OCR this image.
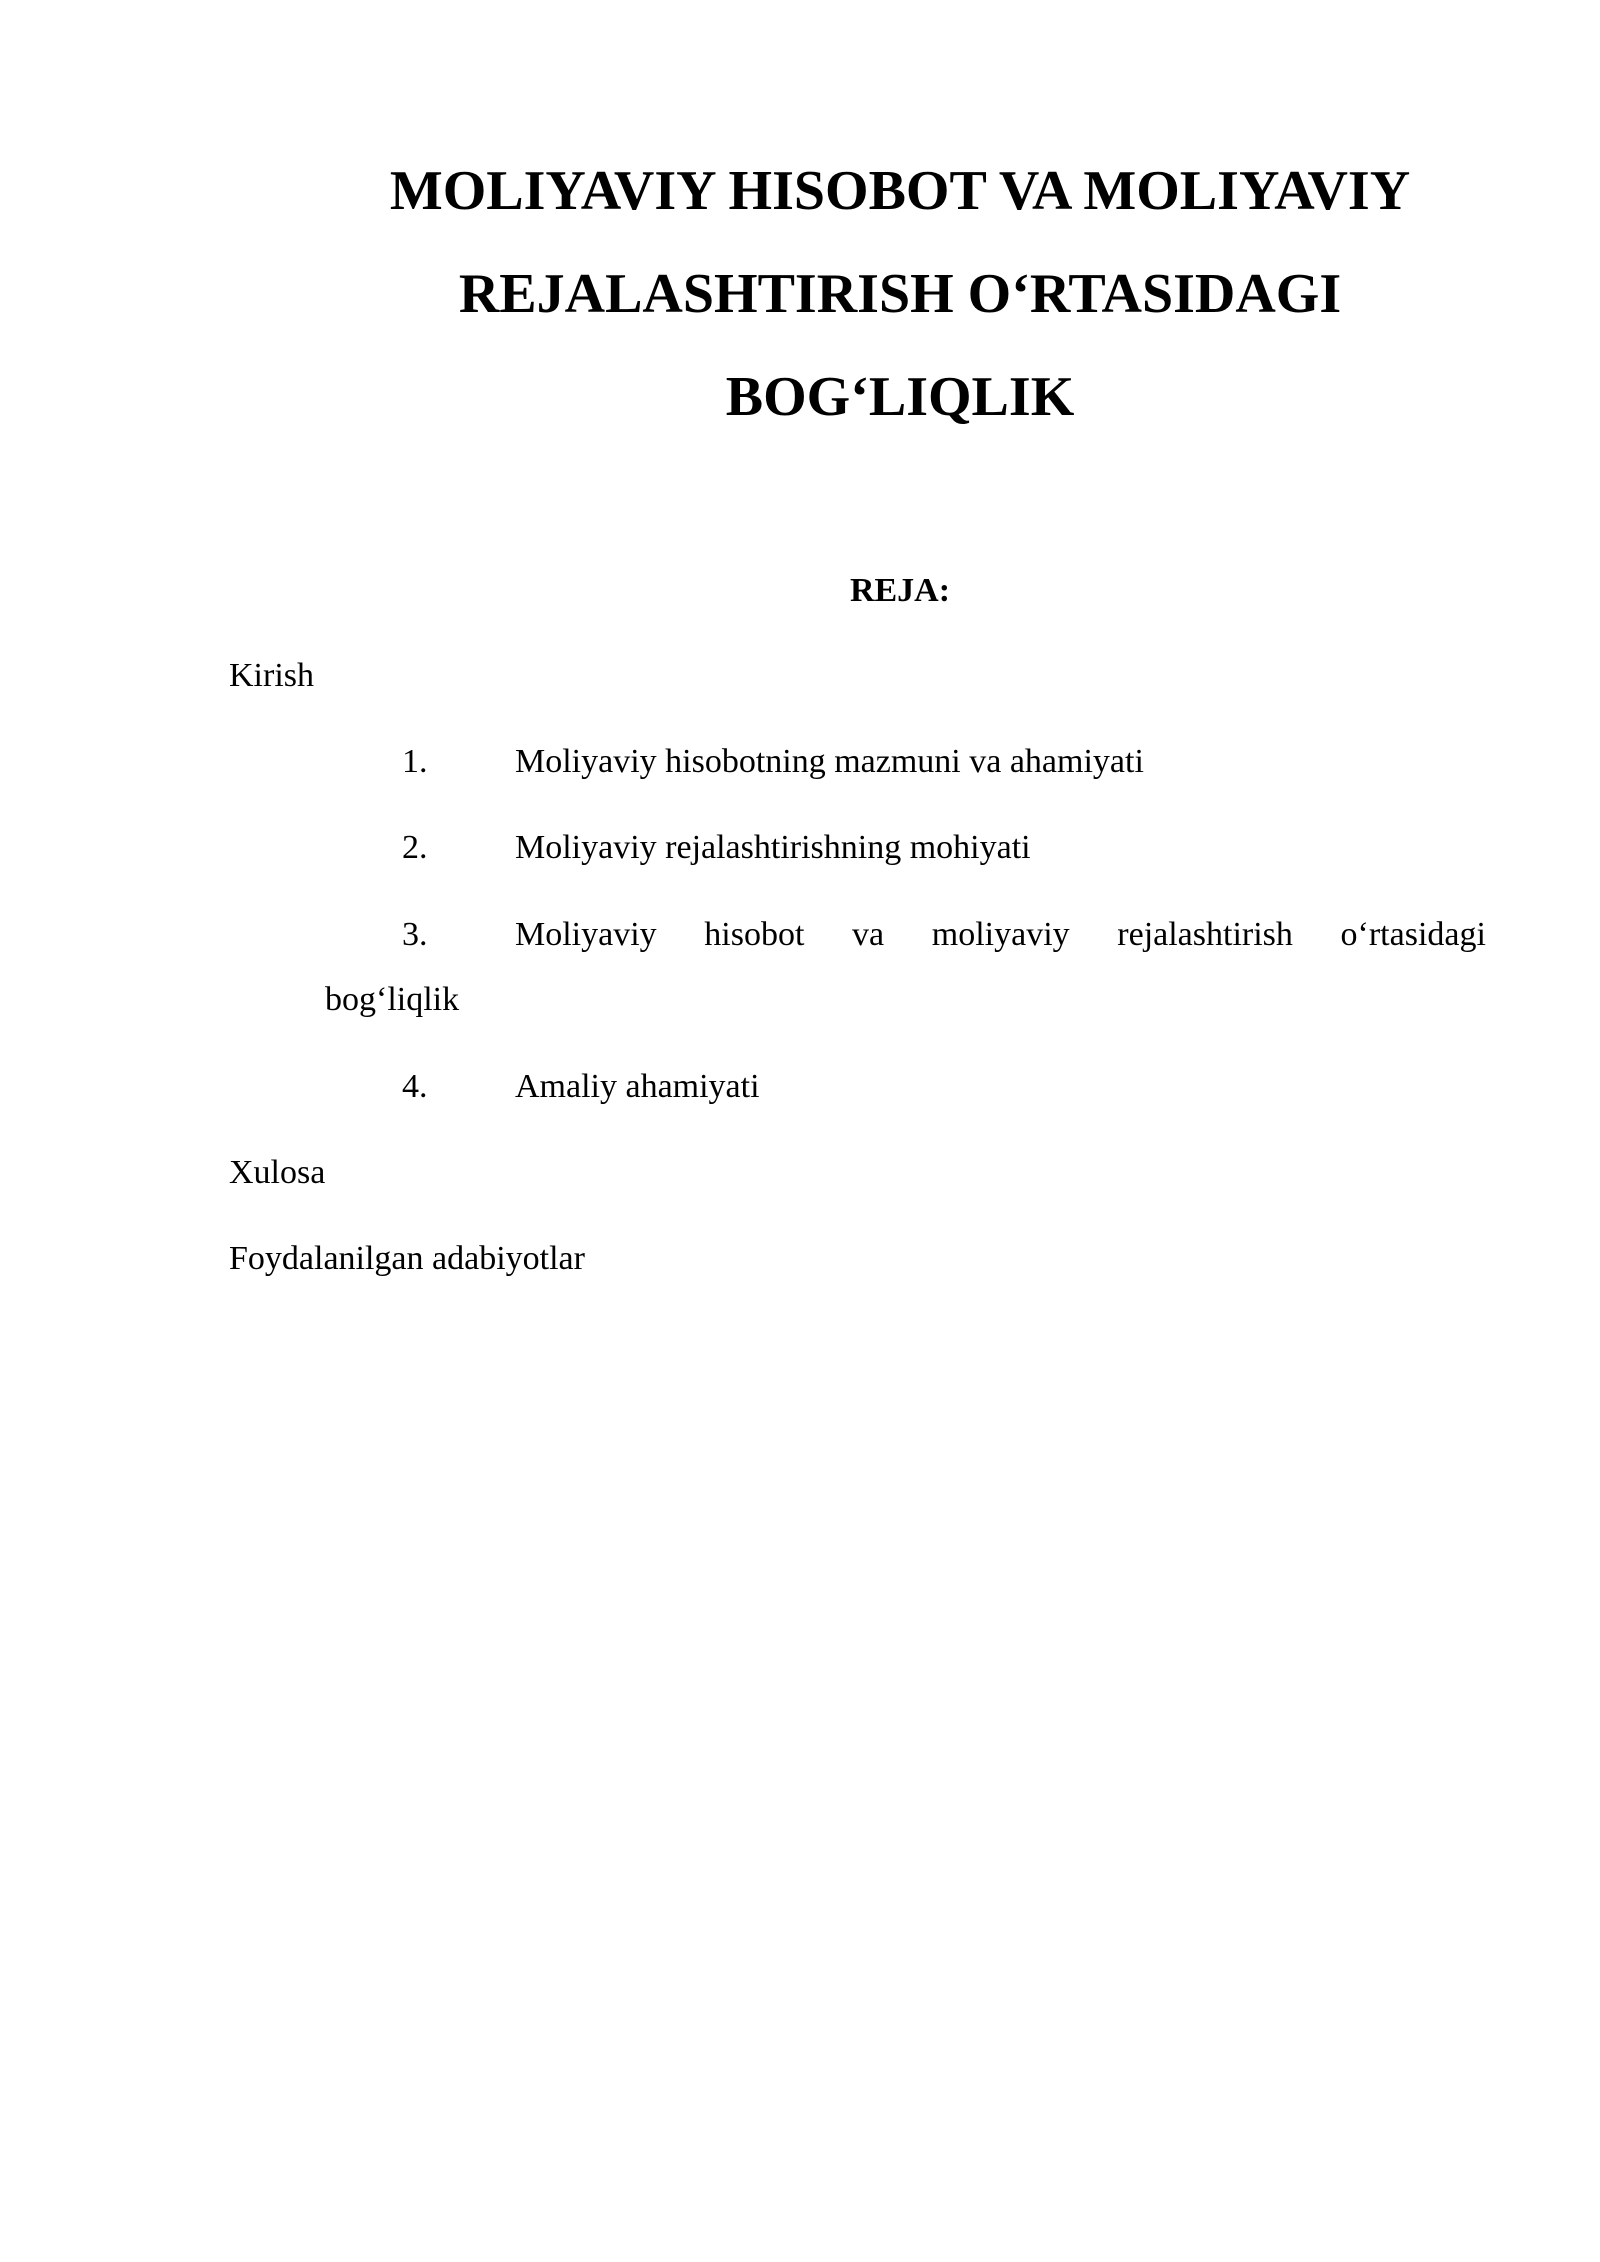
MOLIYAVIY HISOBOT VA MOLIYAVIY
REJALASHTIRISH O‘RTASIDAGI
BOG‘LIQLIK

REJA:

Kirish

1.	Moliyaviy hisobotning mazmuni va ahamiyati
2.	Moliyaviy rejalashtirishning mohiyati
3.	Moliyaviy hisobot va moliyaviy rejalashtirish o‘rtasidagi
bog‘liqlik
4.	Amaliy ahamiyati

Xulosa

Foydalanilgan adabiyotlar
